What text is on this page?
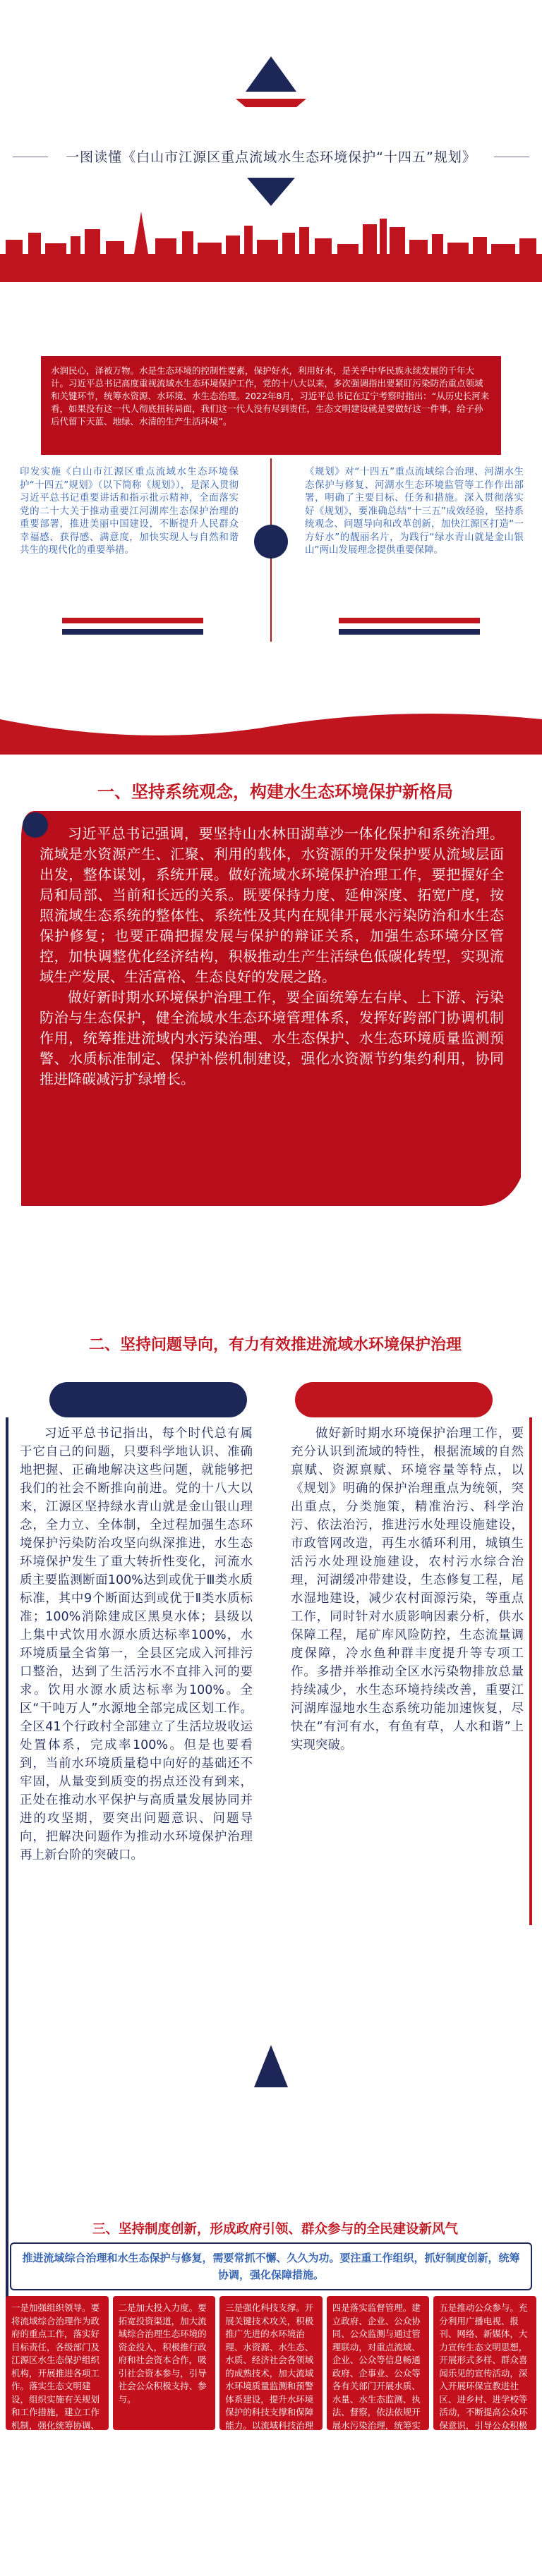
一图读懂《白山市江源区重点流域水生态环境保护“十四五”规划》
水润民心，泽被万物。水是生态环境的控制性要素，保护好水，利用好水，是关乎中华民族永续发展的千年大计。习近平总书记高度重视流域水生态环境保护工作，党的十八大以来，多次强调指出要紧盯污染防治重点领域和关键环节，统筹水资源、水环境、水生态治理。2022年8月，习近平总书记在辽宁考察时指出：“从历史长河来看，如果没有这一代人彻底扭转局面，我们这一代人没有尽到责任，生态文明建设就是要做好这一件事，给子孙后代留下天蓝、地绿、水清的生产生活环境”。
印发实施《白山市江源区重点流域水生态环境保护“十四五”规划》（以下简称《规划》），是深入贯彻习近平总书记重要讲话和指示批示精神，全面落实党的二十大关于推动重要江河湖库生态保护治理的重要部署，推进美丽中国建设，不断提升人民群众幸福感、获得感、满意度，加快实现人与自然和谐共生的现代化的重要举措。
《规划》对“十四五”重点流域综合治理、河湖水生态保护与修复、河湖水生态环境监管等工作作出部署，明确了主要目标、任务和措施。深入贯彻落实好《规划》，要准确总结“十三五”成效经验，坚持系统观念、问题导向和改革创新，加快江源区打造“一方好水”的靓丽名片，为践行“绿水青山就是金山银山”两山发展理念提供重要保障。
一、坚持系统观念，构建水生态环境保护新格局

习近平总书记强调，要坚持山水林田湖草沙一体化保护和系统治理。流域是水资源产生、汇聚、利用的载体，水资源的开发保护要从流域层面出发，整体谋划，系统开展。做好流域水环境保护治理工作，要把握好全局和局部、当前和长远的关系。既要保持力度、延伸深度、拓宽广度，按照流域生态系统的整体性、系统性及其内在规律开展水污染防治和水生态保护修复；也要正确把握发展与保护的辩证关系，加强生态环境分区管控，加快调整优化经济结构，积极推动生产生活绿色低碳化转型，实现流域生产发展、生活富裕、生态良好的发展之路。

做好新时期水环境保护治理工作，要全面统筹左右岸、上下游、污染防治与生态保护，健全流域水生态环境管理体系，发挥好跨部门协调机制作用，统筹推进流域内水污染治理、水生态保护、水生态环境质量监测预警、水质标准制定、保护补偿机制建设，强化水资源节约集约利用，协同推进降碳减污扩绿增长。

二、坚持问题导向，有力有效推进流域水环境保护治理
习近平总书记指出，每个时代总有属于它自己的问题，只要科学地认识、准确地把握、正确地解决这些问题，就能够把我们的社会不断推向前进。党的十八大以来，江源区坚持绿水青山就是金山银山理念，全力立、全体制，全过程加强生态环境保护污染防治攻坚向纵深推进，水生态环境保护发生了重大转折性变化，河流水质主要监测断面100%达到或优于Ⅲ类水质标准，其中9个断面达到或优于Ⅱ类水质标准；100%消除建成区黑臭水体；县级以上集中式饮用水源水质达标率100%，水环境质量全省第一，全县区完成入河排污口整治，达到了生活污水不直排入河的要求。饮用水源水质达标率为100%。全区“干吨万人”水源地全部完成区划工作。全区41个行政村全部建立了生活垃圾收运处置体系，完成率100%。但是也要看到，当前水环境质量稳中向好的基础还不牢固，从量变到质变的拐点还没有到来，正处在推动水平保护与高质量发展协同并进的攻坚期，要突出问题意识、问题导向，把解决问题作为推动水环境保护治理再上新台阶的突破口。
做好新时期水环境保护治理工作，要充分认识到流域的特性，根据流域的自然禀赋、资源禀赋、环境容量等特点，以《规划》明确的保护治理重点为统领，突出重点，分类施策，精准治污、科学治污、依法治污，推进污水处理设施建设，市政管网改造，再生水循环利用，城镇生活污水处理设施建设，农村污水综合治理，河湖缓冲带建设，生态修复工程，尾水湿地建设，减少农村面源污染，等重点工作，同时针对水质影响因素分析，供水保障工程，尾矿库风险防控，生态流量调度保障，冷水鱼种群丰度提升等专项工作。多措并举推动全区水污染物排放总量持续减少，水生态环境持续改善，重要江河湖库湿地水生态系统功能加速恢复，尽快在“有河有水，有鱼有草，人水和谐”上实现突破。
三、坚持制度创新，形成政府引领、群众参与的全民建设新风气
推进流域综合治理和水生态保护与修复，需要常抓不懈、久久为功。要注重工作组织，抓好制度创新，统筹协调，强化保障措施。
一是加强组织领导。要将流域综合治理作为政府的重点工作，落实好目标责任，各级部门及江源区水生态保护组织机构，开展推进各项工作。落实生态文明建设，组织实施有关规划和工作措施，建立工作机制，强化统筹协调、形成部门协作，形成工作合力，务求工作实效。
二是加大投入力度。要拓宽投资渠道，加大流域综合治理生态环境的资金投入，积极推行政府和社会资本合作，吸引社会资本参与，引导社会公众积极支持、参与。
三是强化科技支撑。开展关键技术攻关，积极推广先进的水环境治理、水资源、水生态、水质、经济社会各领域的成熟技术，加大流域水环境质量监测和预警体系建设，提升水环境保护的科技支撑和保障能力。以流域科技治理人才培养、治理体系建设为抓手，推进流域水生态环境管理措施与治理经验相结合，不断夯实流域治理的基本空间建设、提升流域治污的科学化、信息化和精细化水平。
四是落实监督管理。建立政府、企业、公众协同、公众监测与通过管理联动，对重点流域、企业、公众等信息畅通政府、企事业、公众等各有关部门开展水质、水量、水生态监测、执法、督察，依法依规开展水污染治理，统筹实施执法监管，加大落实执法督察，对新开发建设项目做好事前、事中、事后监管，建立事件调查，全面评估、责任追究、同时建立公开、问责、问效的工作体系，建立征信机制，充分听取公众意见建议，加强水体建设、信息公开。
五是推动公众参与。充分利用广播电视、报刊、网络、新媒体，大力宣传生态文明思想，开展形式多样、群众喜闻乐见的宣传活动，深入开展环保宣教进社区、进乡村、进学校等活动，不断提高公众环保意识，引导公众积极参与水环境保护工作，形成共同关心、支持和参与水环境保护的良好氛围。发挥社会组织和公众作用，推动形成“节约用水、人人有责”的行为准则和人水和谐的良好风尚。
